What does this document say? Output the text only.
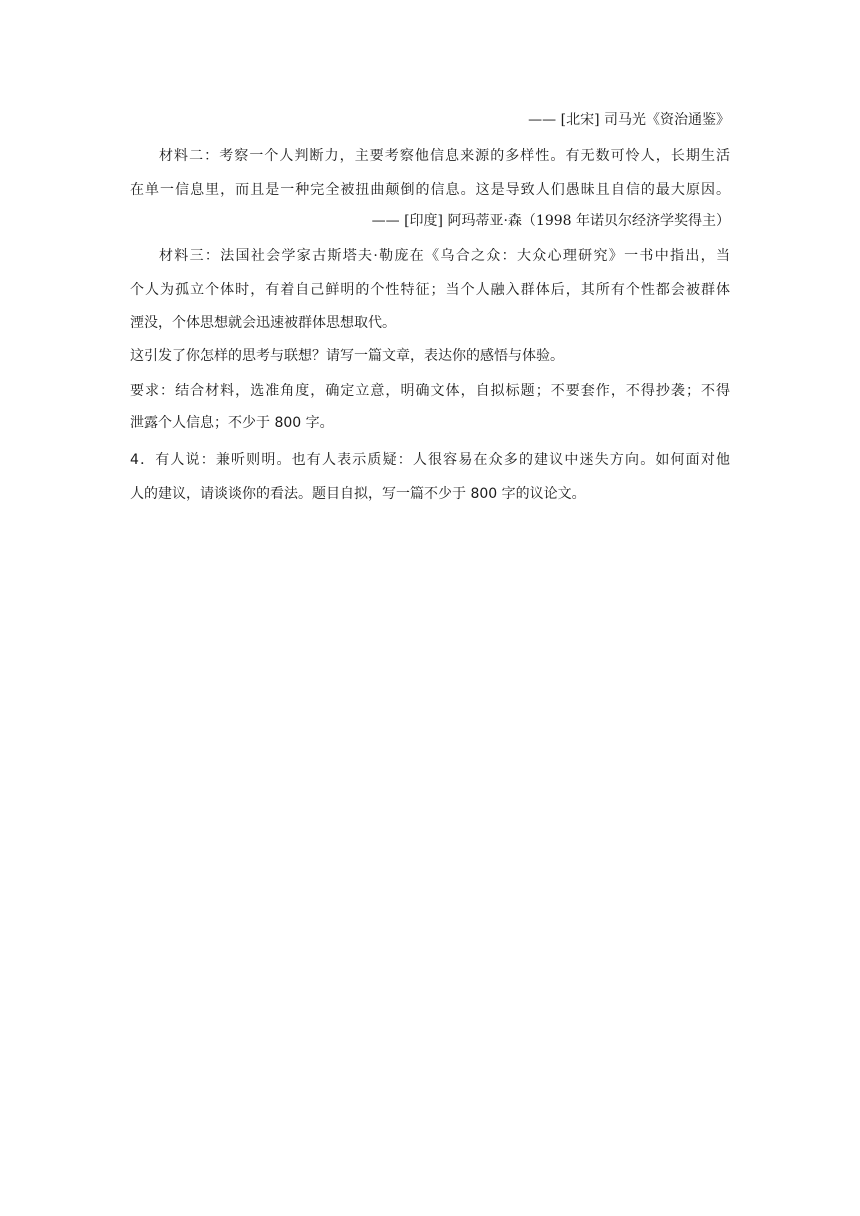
—— [北宋] 司马光《资治通鉴》
材料二：考察一个人判断力，主要考察他信息来源的多样性。有无数可怜人，长期生活
在单一信息里，而且是一种完全被扭曲颠倒的信息。这是导致人们愚昧且自信的最大原因。
—— [印度] 阿玛蒂亚·森（1998 年诺贝尔经济学奖得主）
材料三：法国社会学家古斯塔夫·勒庞在《乌合之众：大众心理研究》一书中指出，当
个人为孤立个体时，有着自己鲜明的个性特征；当个人融入群体后，其所有个性都会被群体
湮没，个体思想就会迅速被群体思想取代。
这引发了你怎样的思考与联想？请写一篇文章，表达你的感悟与体验。
要求：结合材料，选准角度，确定立意，明确文体，自拟标题；不要套作，不得抄袭；不得
泄露个人信息；不少于 800 字。
4．有人说：兼听则明。也有人表示质疑：人很容易在众多的建议中迷失方向。如何面对他
人的建议，请谈谈你的看法。题目自拟，写一篇不少于 800 字的议论文。
